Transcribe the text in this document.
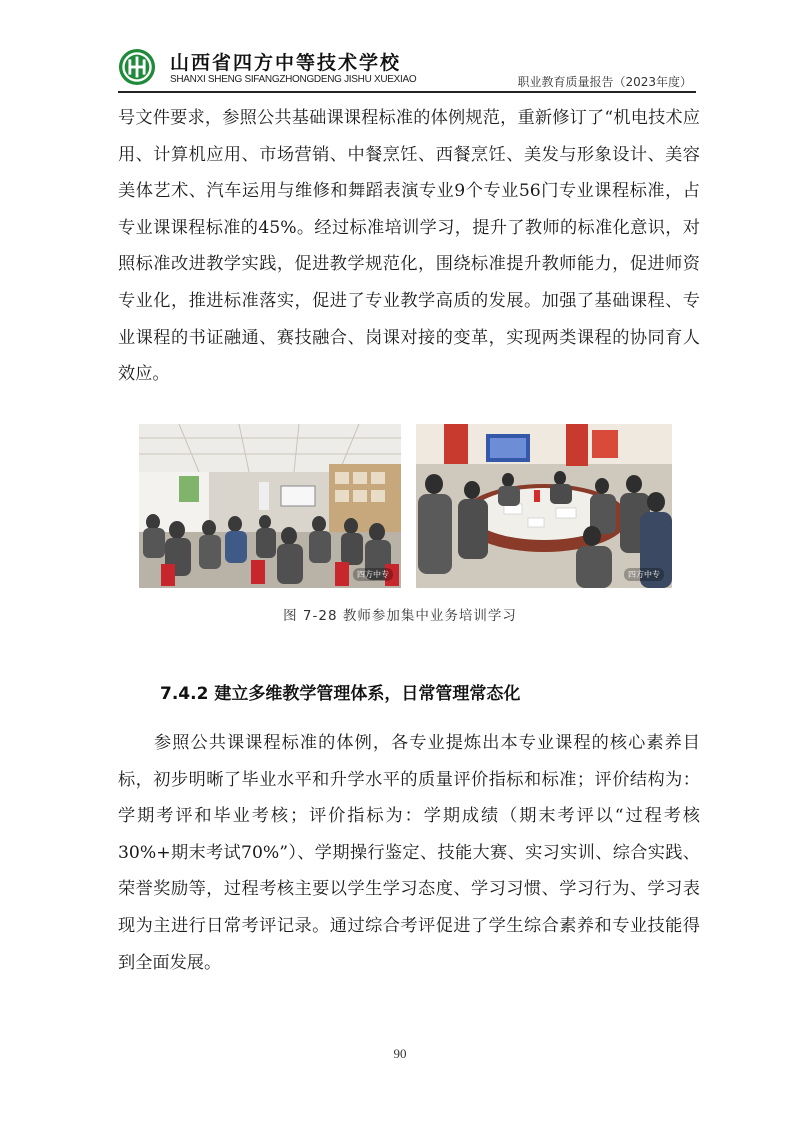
山西省四方中等技术学校
SHANXI SHENG SIFANGZHONGDENG JISHU XUEXIAO	职业教育质量报告（2023年度）
号文件要求，参照公共基础课课程标准的体例规范，重新修订了“机电技术应用、计算机应用、市场营销、中餐烹饪、西餐烹饪、美发与形象设计、美容美体艺术、汽车运用与维修和舞蹈表演专业9个专业56门专业课程标准，占专业课课程标准的45%。经过标准培训学习，提升了教师的标准化意识，对照标准改进教学实践，促进教学规范化，围绕标准提升教师能力，促进师资专业化，推进标准落实，促进了专业教学高质的发展。加强了基础课程、专业课程的书证融通、赛技融合、岗课对接的变革，实现两类课程的协同育人效应。
四方中专	四方中专
图 7-28 教师参加集中业务培训学习
7.4.2 建立多维教学管理体系，日常管理常态化
参照公共课课程标准的体例，各专业提炼出本专业课程的核心素养目标，初步明晰了毕业水平和升学水平的质量评价指标和标准；评价结构为：学期考评和毕业考核；评价指标为：学期成绩（期末考评以“过程考核30%+期末考试70%”）、学期操行鉴定、技能大赛、实习实训、综合实践、荣誉奖励等，过程考核主要以学生学习态度、学习习惯、学习行为、学习表现为主进行日常考评记录。通过综合考评促进了学生综合素养和专业技能得到全面发展。
90
